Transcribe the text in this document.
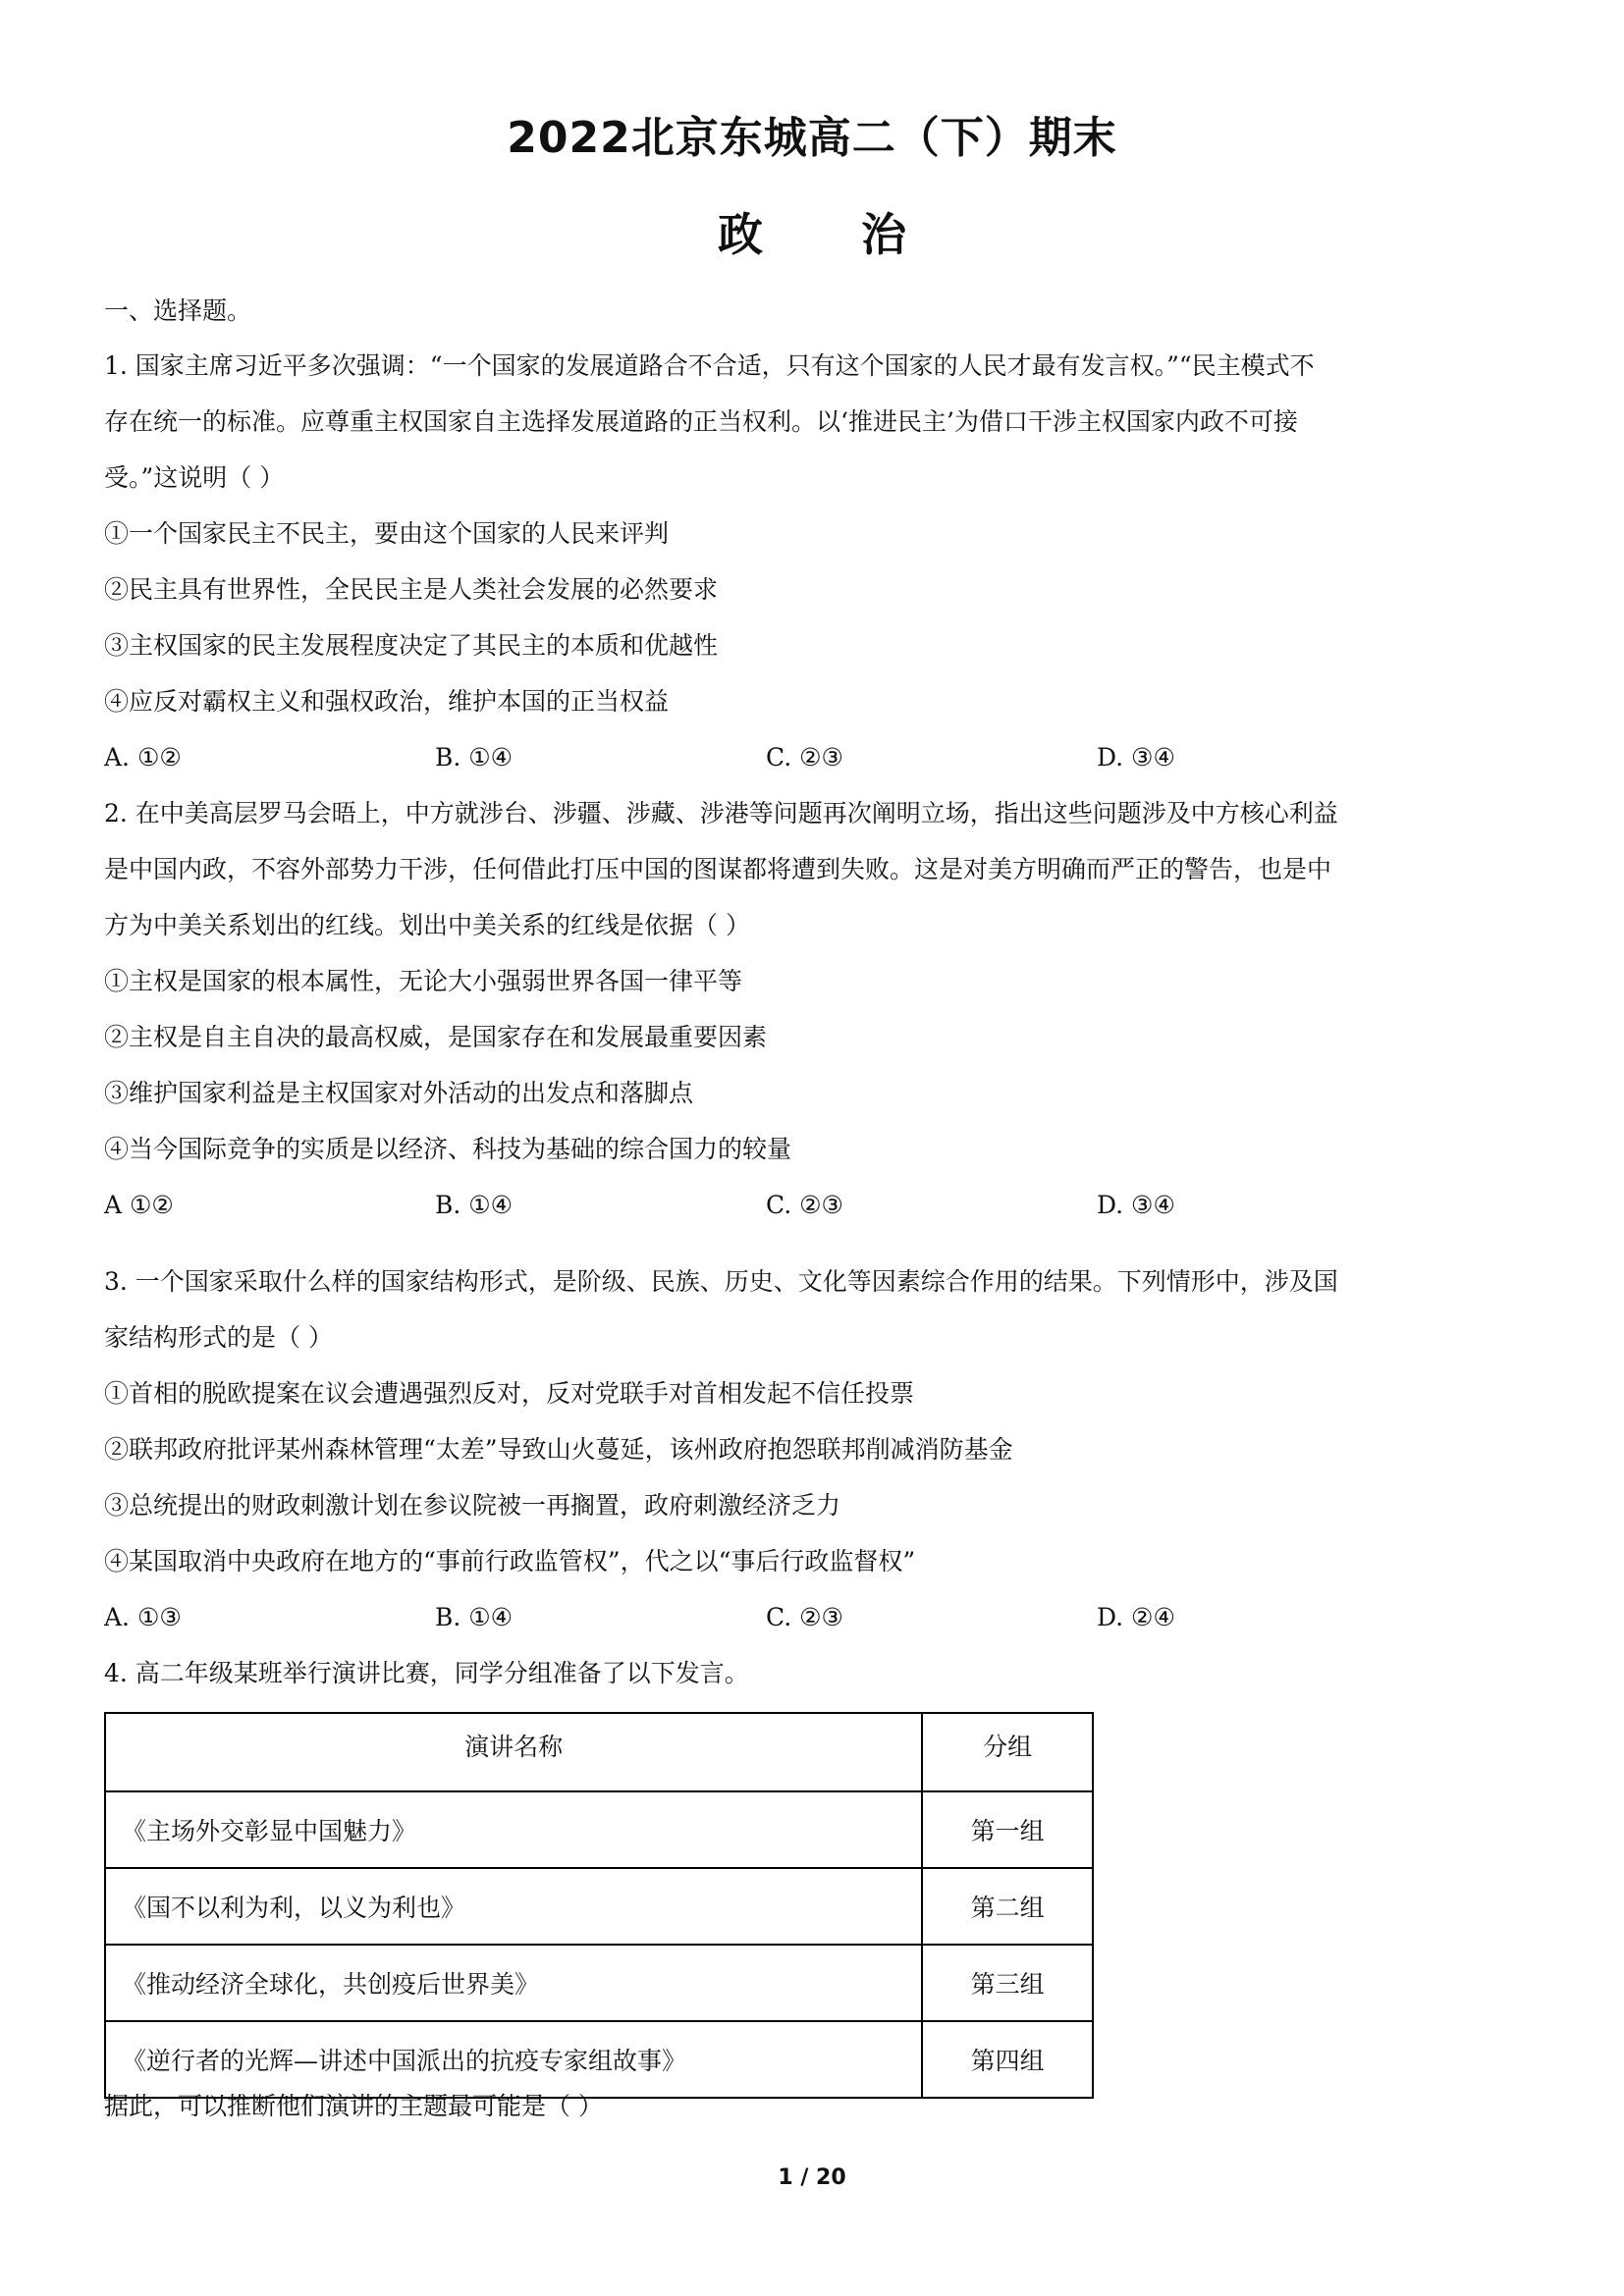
2022北京东城高二（下）期末
政治
一、选择题。
1. 国家主席习近平多次强调：“一个国家的发展道路合不合适，只有这个国家的人民才最有发言权。”“民主模式不
存在统一的标准。应尊重主权国家自主选择发展道路的正当权利。以‘推进民主’为借口干涉主权国家内政不可接
受。”这说明（ ）
①一个国家民主不民主，要由这个国家的人民来评判
②民主具有世界性，全民民主是人类社会发展的必然要求
③主权国家的民主发展程度决定了其民主的本质和优越性
④应反对霸权主义和强权政治，维护本国的正当权益
A. ①②	B. ①④	C. ②③	D. ③④
2. 在中美高层罗马会晤上，中方就涉台、涉疆、涉藏、涉港等问题再次阐明立场，指出这些问题涉及中方核心利益
是中国内政，不容外部势力干涉，任何借此打压中国的图谋都将遭到失败。这是对美方明确而严正的警告，也是中
方为中美关系划出的红线。划出中美关系的红线是依据（ ）
①主权是国家的根本属性，无论大小强弱世界各国一律平等
②主权是自主自决的最高权威，是国家存在和发展最重要因素
③维护国家利益是主权国家对外活动的出发点和落脚点
④当今国际竞争的实质是以经济、科技为基础的综合国力的较量
A ①②	B. ①④	C. ②③	D. ③④
3. 一个国家采取什么样的国家结构形式，是阶级、民族、历史、文化等因素综合作用的结果。下列情形中，涉及国
家结构形式的是（ ）
①首相的脱欧提案在议会遭遇强烈反对，反对党联手对首相发起不信任投票
②联邦政府批评某州森林管理“太差”导致山火蔓延，该州政府抱怨联邦削减消防基金
③总统提出的财政刺激计划在参议院被一再搁置，政府刺激经济乏力
④某国取消中央政府在地方的“事前行政监管权”，代之以“事后行政监督权”
A. ①③	B. ①④	C. ②③	D. ②④
4. 高二年级某班举行演讲比赛，同学分组准备了以下发言。
演讲名称	分组
《主场外交彰显中国魅力》	第一组
《国不以利为利，以义为利也》	第二组
《推动经济全球化，共创疫后世界美》	第三组
《逆行者的光辉—讲述中国派出的抗疫专家组故事》	第四组
据此，可以推断他们演讲的主题最可能是（ ）
1 / 20
